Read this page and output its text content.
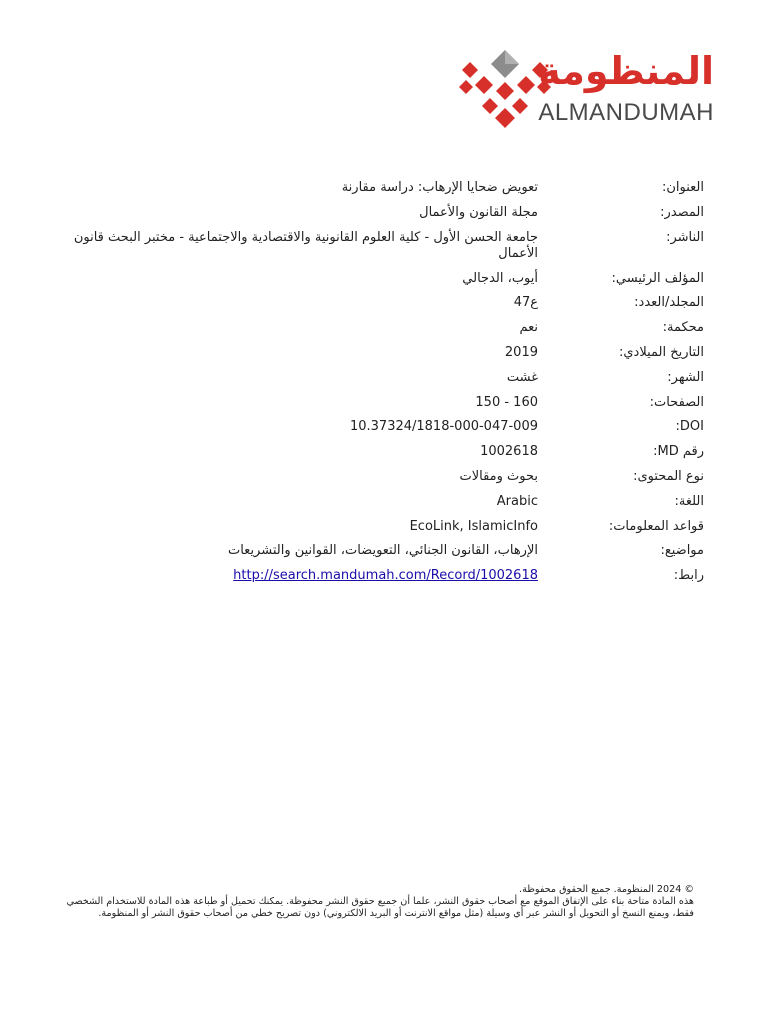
المنظومة
ALMANDUMAH
العنوان:
تعويض ضحايا الإرهاب: دراسة مقارنة
المصدر:
مجلة القانون والأعمال
الناشر:
جامعة الحسن الأول - كلية العلوم القانونية والاقتصادية والاجتماعية - مختبر البحث قانون الأعمال
المؤلف الرئيسي:
أيوب، الدجالي
المجلد/العدد:
ع47
محكمة:
نعم
التاريخ الميلادي:
2019
الشهر:
غشت
الصفحات:
150 - 160
DOI:
10.37324/1818-000-047-009
رقم MD:
1002618
نوع المحتوى:
بحوث ومقالات
اللغة:
Arabic
قواعد المعلومات:
EcoLink, IslamicInfo
مواضيع:
الإرهاب، القانون الجنائي، التعويضات، القوانين والتشريعات
رابط:
http://search.mandumah.com/Record/1002618

© 2024 المنظومة. جميع الحقوق محفوظة.

هذه المادة متاحة بناء على الإتفاق الموقع مع أصحاب حقوق النشر، علما أن جميع حقوق النشر محفوظة. يمكنك تحميل أو طباعة هذه المادة للاستخدام الشخصي فقط، ويمنع النسخ أو التحويل أو النشر عبر أي وسيلة (مثل مواقع الانترنت أو البريد الالكتروني) دون تصريح خطي من أصحاب حقوق النشر أو المنظومة.
